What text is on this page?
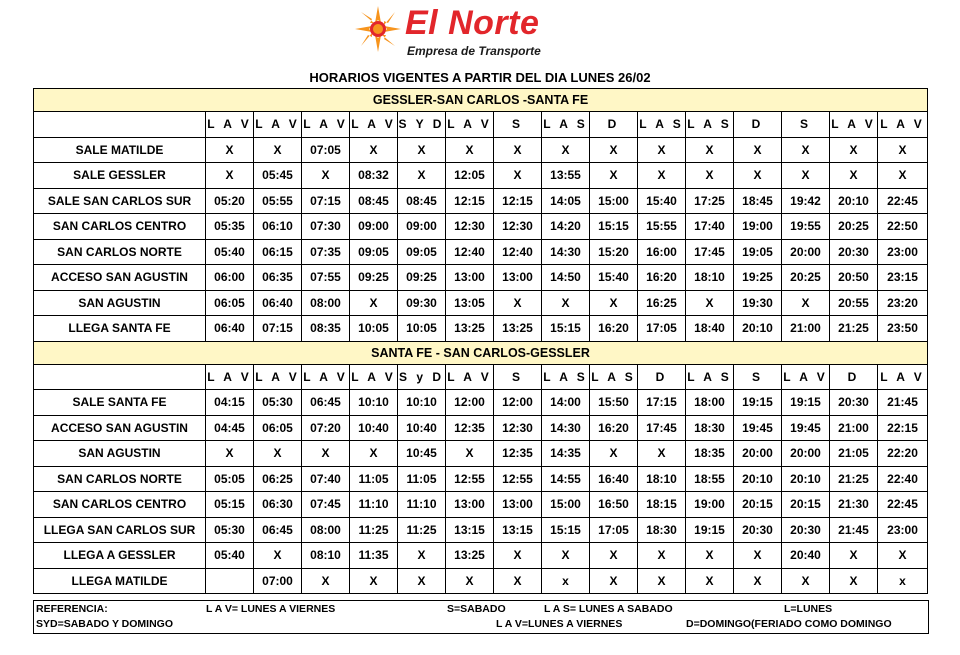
El Norte
Empresa de Transporte
HORARIOS VIGENTES A PARTIR DEL DIA LUNES 26/02
GESSLER-SAN CARLOS -SANTA FE															
	L A V	L A V	L A V	L A V	S Y D	L A V	S	L A S	D	L A S	L A S	D	S	L A V	L A V
SALE MATILDE	X	X	07:05	X	X	X	X	X	X	X	X	X	X	X	X
SALE GESSLER	X	05:45	X	08:32	X	12:05	X	13:55	X	X	X	X	X	X	X
SALE SAN CARLOS SUR	05:20	05:55	07:15	08:45	08:45	12:15	12:15	14:05	15:00	15:40	17:25	18:45	19:42	20:10	22:45
SAN CARLOS CENTRO	05:35	06:10	07:30	09:00	09:00	12:30	12:30	14:20	15:15	15:55	17:40	19:00	19:55	20:25	22:50
SAN CARLOS NORTE	05:40	06:15	07:35	09:05	09:05	12:40	12:40	14:30	15:20	16:00	17:45	19:05	20:00	20:30	23:00
ACCESO SAN AGUSTIN	06:00	06:35	07:55	09:25	09:25	13:00	13:00	14:50	15:40	16:20	18:10	19:25	20:25	20:50	23:15
SAN AGUSTIN	06:05	06:40	08:00	X	09:30	13:05	X	X	X	16:25	X	19:30	X	20:55	23:20
LLEGA SANTA FE	06:40	07:15	08:35	10:05	10:05	13:25	13:25	15:15	16:20	17:05	18:40	20:10	21:00	21:25	23:50
SANTA FE - SAN CARLOS-GESSLER															
	L A V	L A V	L A V	L A V	S y D	L A V	S	L A S	L A S	D	L A S	S	L A V	D	L A V
SALE SANTA FE	04:15	05:30	06:45	10:10	10:10	12:00	12:00	14:00	15:50	17:15	18:00	19:15	19:15	20:30	21:45
ACCESO SAN AGUSTIN	04:45	06:05	07:20	10:40	10:40	12:35	12:30	14:30	16:20	17:45	18:30	19:45	19:45	21:00	22:15
SAN AGUSTIN	X	X	X	X	10:45	X	12:35	14:35	X	X	18:35	20:00	20:00	21:05	22:20
SAN CARLOS NORTE	05:05	06:25	07:40	11:05	11:05	12:55	12:55	14:55	16:40	18:10	18:55	20:10	20:10	21:25	22:40
SAN CARLOS CENTRO	05:15	06:30	07:45	11:10	11:10	13:00	13:00	15:00	16:50	18:15	19:00	20:15	20:15	21:30	22:45
LLEGA SAN CARLOS SUR	05:30	06:45	08:00	11:25	11:25	13:15	13:15	15:15	17:05	18:30	19:15	20:30	20:30	21:45	23:00
LLEGA A GESSLER	05:40	X	08:10	11:35	X	13:25	X	X	X	X	X	X	20:40	X	X
LLEGA MATILDE		07:00	X	X	X	X	X	x	X	X	X	X	X	X	x
REFERENCIA:	L A V= LUNES A VIERNES	S=SABADO	L A S= LUNES A SABADO	L=LUNES
SYD=SABADO Y DOMINGO	L A V=LUNES A VIERNES	D=DOMINGO(FERIADO COMO DOMINGO
